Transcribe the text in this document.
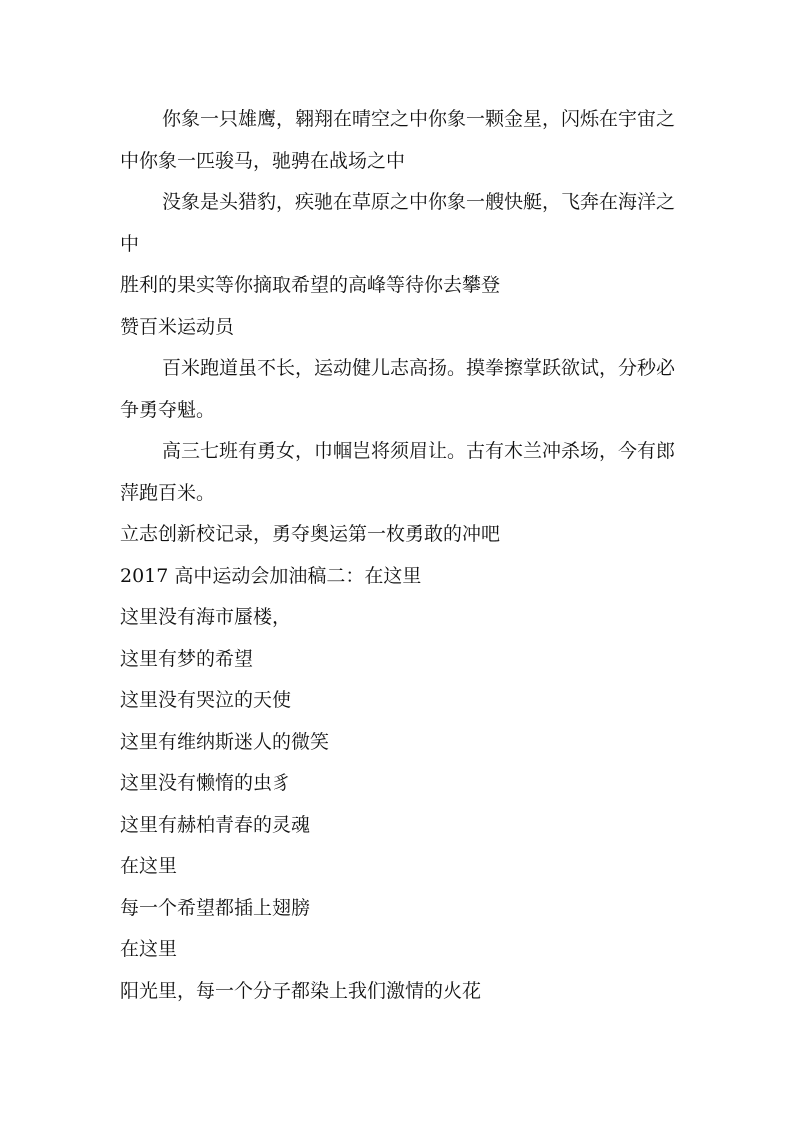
你象一只雄鹰，翱翔在晴空之中你象一颗金星，闪烁在宇宙之中你象一匹骏马，驰骋在战场之中

没象是头猎豹，疾驰在草原之中你象一艘快艇，飞奔在海洋之中

胜利的果实等你摘取希望的高峰等待你去攀登

赞百米运动员

百米跑道虽不长，运动健儿志高扬。摸拳擦掌跃欲试，分秒必争勇夺魁。

高三七班有勇女，巾帼岂将须眉让。古有木兰冲杀场，今有郎萍跑百米。

立志创新校记录，勇夺奥运第一枚勇敢的冲吧

2017 高中运动会加油稿二：在这里

这里没有海市蜃楼，

这里有梦的希望

这里没有哭泣的天使

这里有维纳斯迷人的微笑

这里没有懒惰的虫豸

这里有赫柏青春的灵魂

在这里

每一个希望都插上翅膀

在这里

阳光里，每一个分子都染上我们激情的火花
